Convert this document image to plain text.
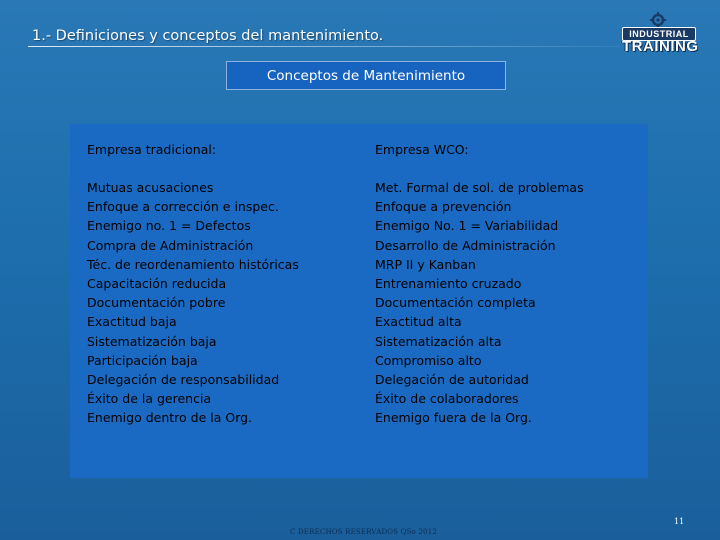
1.- Definiciones y conceptos del mantenimiento.	INDUSTRIAL
TRAINING
Conceptos de Mantenimiento
Empresa tradicional:
Mutuas acusaciones
Enfoque a corrección e inspec.
Enemigo no. 1 = Defectos
Compra de Administración
Téc. de reordenamiento históricas
Capacitación reducida
Documentación pobre
Exactitud baja
Sistematización baja
Participación baja
Delegación de responsabilidad
Éxito de la gerencia
Enemigo dentro de la Org.
Empresa WCO:
Met. Formal de sol. de problemas
Enfoque a prevención
Enemigo No. 1 = Variabilidad
Desarrollo de Administración
MRP II y Kanban
Entrenamiento cruzado
Documentación completa
Exactitud alta
Sistematización alta
Compromiso alto
Delegación de autoridad
Éxito de colaboradores
Enemigo fuera de la Org.
C DERECHOS RESERVADOS QSo 2012
11
